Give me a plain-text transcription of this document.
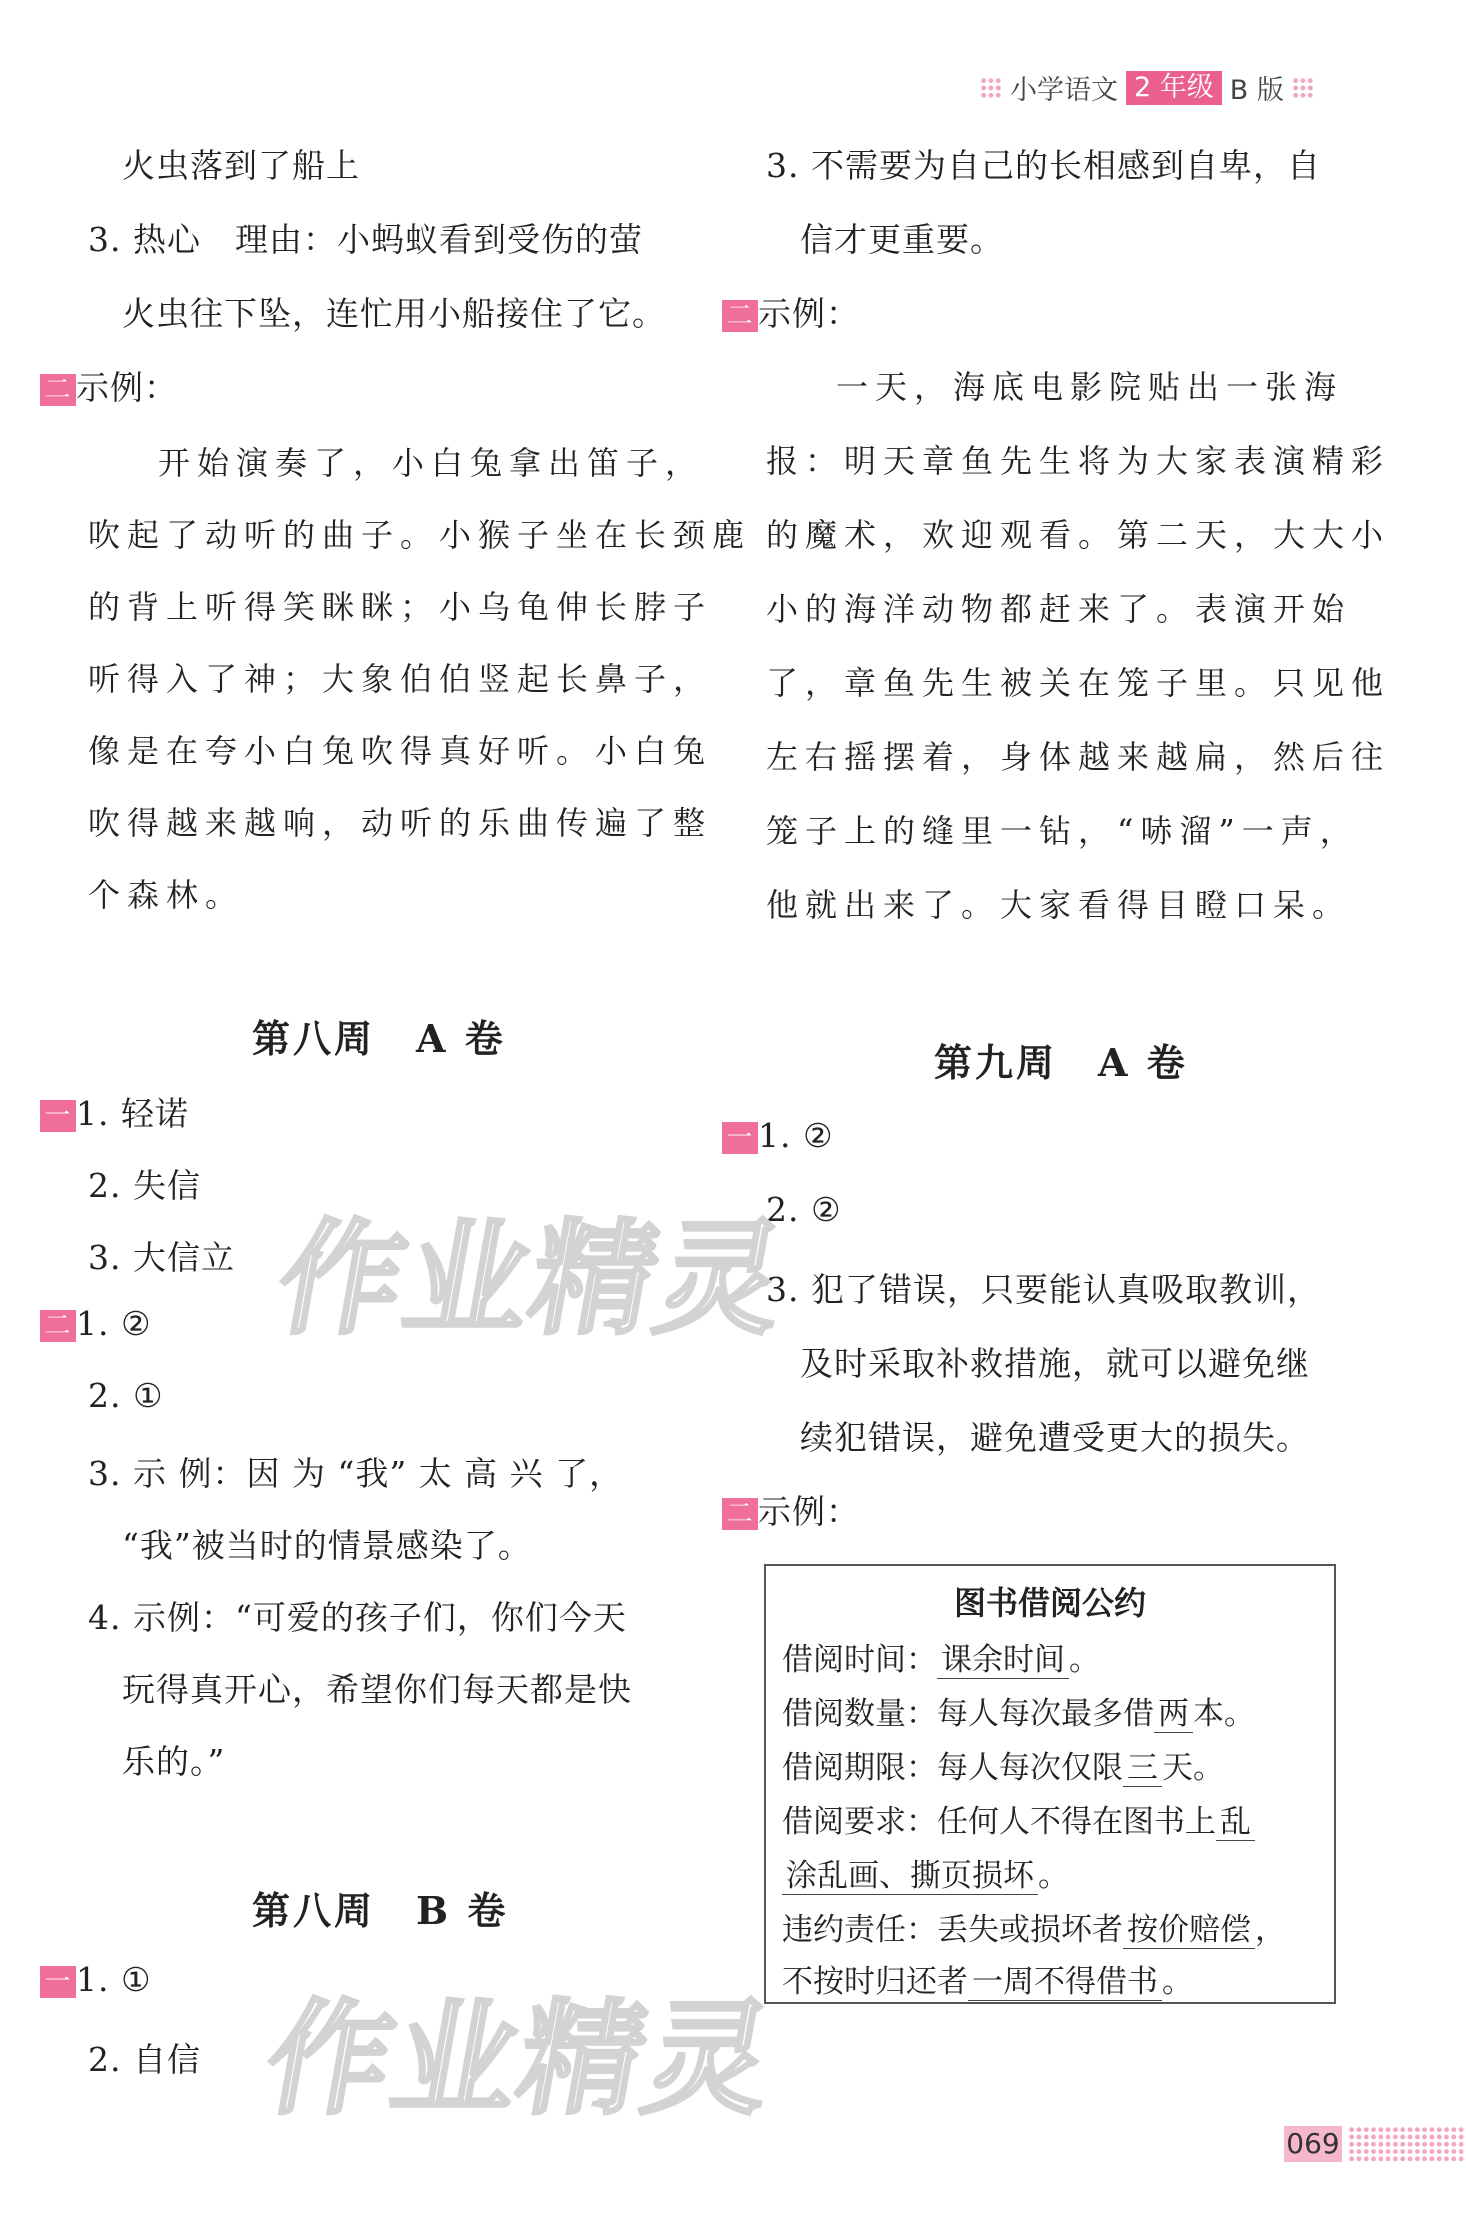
小学语文 2 年级 B 版
火虫落到了船上
3. 热心　理由：小蚂蚁看到受伤的萤
火虫往下坠，连忙用小船接住了它。
二 示例：
开始演奏了，小白兔拿出笛子，
吹起了动听的曲子。小猴子坐在长颈鹿
的背上听得笑眯眯；小乌龟伸长脖子
听得入了神；大象伯伯竖起长鼻子，
像是在夸小白兔吹得真好听。小白兔
吹得越来越响，动听的乐曲传遍了整
个森林。
第八周　A 卷
一 1. 轻诺
2. 失信
3. 大信立
二 1. ②
2. ①
3. 示 例：因 为 “我” 太 高 兴 了，
“我”被当时的情景感染了。
4. 示例：“可爱的孩子们，你们今天
玩得真开心，希望你们每天都是快
乐的。”
第八周　B 卷
一 1. ①
2. 自信
3. 不需要为自己的长相感到自卑，自
信才更重要。
二 示例：
一天，海底电影院贴出一张海
报：明天章鱼先生将为大家表演精彩
的魔术，欢迎观看。第二天，大大小
小的海洋动物都赶来了。表演开始
了，章鱼先生被关在笼子里。只见他
左右摇摆着，身体越来越扁，然后往
笼子上的缝里一钻，“哧溜”一声，
他就出来了。大家看得目瞪口呆。
第九周　A 卷
一 1. ②
2. ②
3. 犯了错误，只要能认真吸取教训，
及时采取补救措施，就可以避免继
续犯错误，避免遭受更大的损失。
二 示例：
图书借阅公约
借阅时间： 课余时间 。
借阅数量：每人每次最多借 两 本。
借阅期限：每人每次仅限 三 天。
借阅要求：任何人不得在图书上 乱
涂乱画、撕页损坏 。
违约责任：丢失或损坏者 按价赔偿 ，
不按时归还者 一周不得借书 。
作业精灵
作业精灵
069
